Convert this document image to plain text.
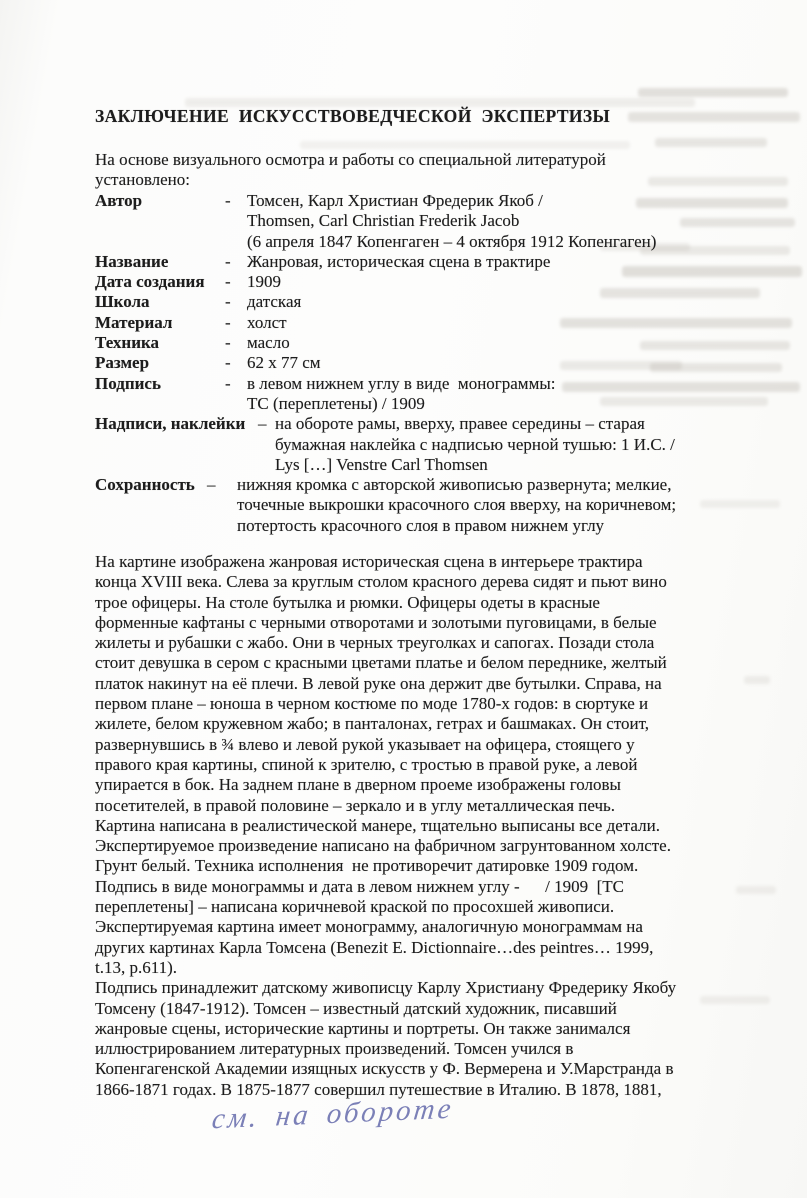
ЗАКЛЮЧЕНИЕ ИСКУССТВОВЕДЧЕСКОЙ ЭКСПЕРТИЗЫ
На основе визуального осмотра и работы со специальной литературой
установлено:
Автор	- Томсен, Карл Христиан Фредерик Якоб /
Thomsen, Carl Christian Frederik Jacob
(6 апреля 1847 Копенгаген – 4 октября 1912 Копенгаген)
Название	- Жанровая, историческая сцена в трактире
Дата создания	- 1909
Школа	- датская
Материал	- холст
Техника	- масло
Размер	- 62 x 77 см
Подпись	- в левом нижнем углу в виде  монограммы:
ТС (переплетены) / 1909
Надписи, наклейки – на обороте рамы, вверху, правее середины – старая
бумажная наклейка с надписью черной тушью: 1 И.С. /
Lys […] Venstre Carl Thomsen
Сохранность –	нижняя кромка с авторской живописью развернута; мелкие,
точечные выкрошки красочного слоя вверху, на коричневом;
потертость красочного слоя в правом нижнем углу
На картине изображена жанровая историческая сцена в интерьере трактира
конца XVIII века. Слева за круглым столом красного дерева сидят и пьют вино
трое офицеры. На столе бутылка и рюмки. Офицеры одеты в красные
форменные кафтаны с черными отворотами и золотыми пуговицами, в белые
жилеты и рубашки с жабо. Они в черных треуголках и сапогах. Позади стола
стоит девушка в сером с красными цветами платье и белом переднике, желтый
платок накинут на её плечи. В левой руке она держит две бутылки. Справа, на
первом плане – юноша в черном костюме по моде 1780-х годов: в сюртуке и
жилете, белом кружевном жабо; в панталонах, гетрах и башмаках. Он стоит,
развернувшись в ¾ влево и левой рукой указывает на офицера, стоящего у
правого края картины, спиной к зрителю, с тростью в правой руке, а левой
упирается в бок. На заднем плане в дверном проеме изображены головы
посетителей, в правой половине – зеркало и в углу металлическая печь.
Картина написана в реалистической манере, тщательно выписаны все детали.
Экспертируемое произведение написано на фабричном загрунтованном холсте.
Грунт белый. Техника исполнения  не противоречит датировке 1909 годом.
Подпись в виде монограммы и дата в левом нижнем углу -      / 1909  [ТС
переплетены] – написана коричневой краской по просохшей живописи.
Экспертируемая картина имеет монограмму, аналогичную монограммам на
других картинах Карла Томсена (Benezit E. Dictionnaire…des peintres… 1999,
t.13, p.611).
Подпись принадлежит датскому живописцу Карлу Христиану Фредерику Якобу
Томсену (1847-1912). Томсен – известный датский художник, писавший
жанровые сцены, исторические картины и портреты. Он также занимался
иллюстрированием литературных произведений. Томсен учился в
Копенгагенской Академии изящных искусств у Ф. Вермерена и У.Марстранда в
1866-1871 годах. В 1875-1877 совершил путешествие в Италию. В 1878, 1881,
см. на обороте
